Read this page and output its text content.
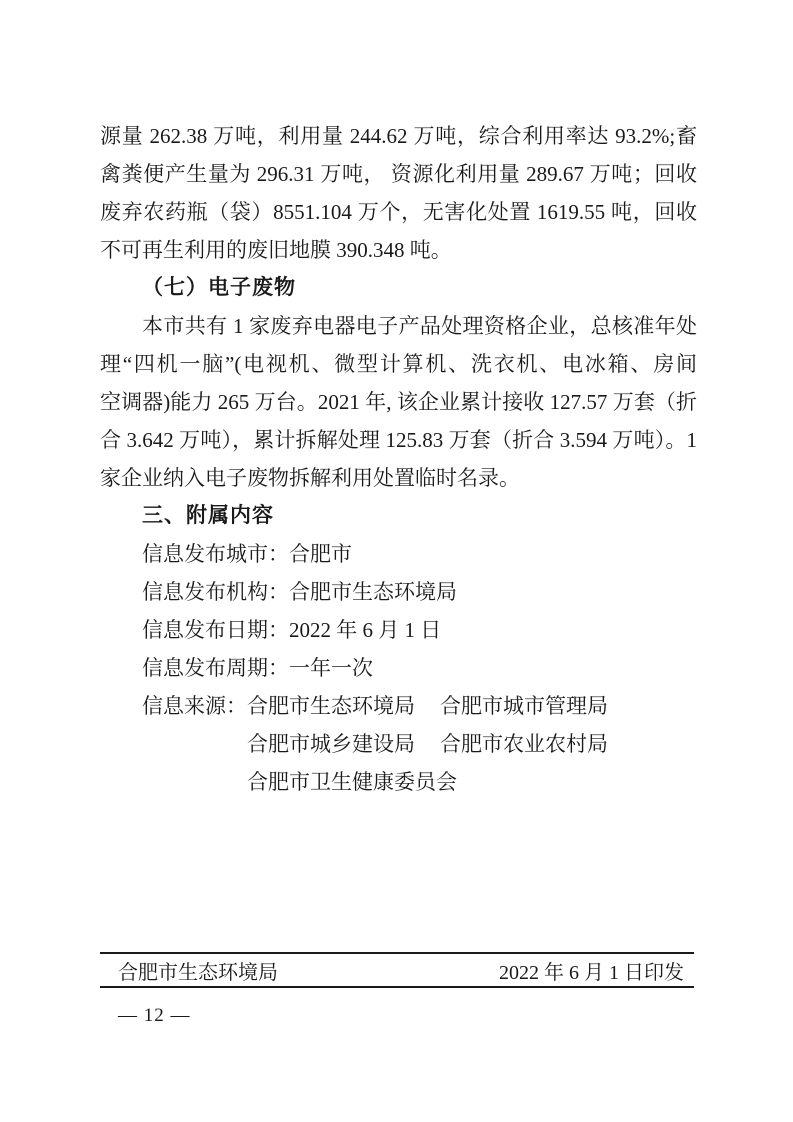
源量 262.38 万吨，利用量 244.62 万吨，综合利用率达 93.2%;畜
禽粪便产生量为 296.31 万吨， 资源化利用量 289.67 万吨；回收
废弃农药瓶（袋）8551.104 万个，无害化处置 1619.55 吨，回收
不可再生利用的废旧地膜 390.348 吨。
（七）电子废物
本市共有 1 家废弃电器电子产品处理资格企业，总核准年处
理“四机一脑”(电视机、微型计算机、洗衣机、电冰箱、房间
空调器)能力 265 万台。2021 年, 该企业累计接收 127.57 万套（折
合 3.642 万吨），累计拆解处理 125.83 万套（折合 3.594 万吨）。1
家企业纳入电子废物拆解利用处置临时名录。
三、附属内容
信息发布城市：合肥市
信息发布机构：合肥市生态环境局
信息发布日期：2022 年 6 月 1 日
信息发布周期：一年一次
信息来源： 合肥市生态环境局 合肥市城市管理局
合肥市城乡建设局 合肥市农业农村局
合肥市卫生健康委员会
合肥市生态环境局	2022 年 6 月 1 日印发
— 12 —
